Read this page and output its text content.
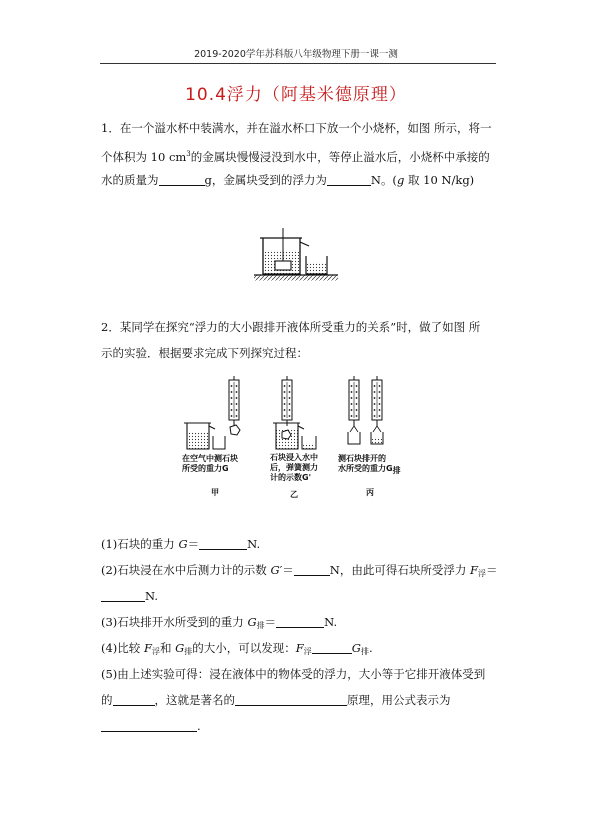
2019-2020学年苏科版八年级物理下册一课一测
10.4浮力（阿基米德原理）
1．在一个溢水杯中装满水，并在溢水杯口下放一个小烧杯，如图 所示，将一
个体积为 10 $cm^3$的金属块慢慢浸没到水中，等停止溢水后，小烧杯中承接的
水的质量为	g，金属块受到的浮力为	N。(g 取 10 N/kg)
2．某同学在探究“浮力的大小跟排开液体所受重力的关系”时，做了如图 所
示的实验．根据要求完成下列探究过程：
在空气中测石块
所受的重力G
石块浸入水中
后，弹簧测力
计的示数G'
测石块排开的
水所受的重力G排
甲	乙	丙
(1)石块的重力 G＝	N.
(2)石块浸在水中后测力计的示数 G′＝	N，由此可得石块所受浮力 $F_浮=$
N.
(3)石块排开水所受到的重力 $G_排=$	N.
(4)比较 $F_浮$和 $G_排$的大小，可以发现：$F_浮$	$G_排$.
(5)由上述实验可得：浸在液体中的物体受的浮力，大小等于它排开液体受到
的	，这就是著名的	原理，用公式表示为
.
